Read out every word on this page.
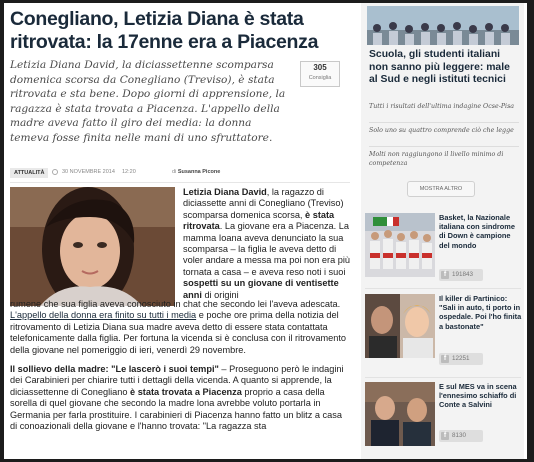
Conegliano, Letizia Diana è stata ritrovata: la 17enne era a Piacenza

Letizia Diana David, la diciassettenne scomparsa domenica scorsa da Conegliano (Treviso), è stata ritrovata e sta bene. Dopo giorni di apprensione, la ragazza è stata trovata a Piacenza. L'appello della madre aveva fatto il giro dei media: la donna temeva fosse finita nelle mani di uno sfruttatore.

305
Consiglia
ATTUALITÀ	30 NOVEMBRE 2014 12:20	di Susanna Picone

Letizia Diana David, la ragazzo di diciassette anni di Conegliano (Treviso) scomparsa domenica scorsa, è stata ritrovata. La giovane era a Piacenza. La mamma Ioana aveva denunciato la sua scomparsa – la figlia le aveva detto di voler andare a messa ma poi non era più tornata a casa – e aveva reso noti i suoi sospetti su un giovane di ventisette anni di origini

rumene che sua figlia aveva conosciuto in chat che secondo lei l'aveva adescata. L'appello della donna era finito su tutti i media e poche ore prima della notizia del ritrovamento di Letizia Diana sua madre aveva detto di essere stata contattata telefonicamente dalla figlia. Per fortuna la vicenda si è conclusa con il ritrovamento della giovane nel pomeriggio di ieri, venerdì 29 novembre.

Il sollievo della madre: "Le lascerò i suoi tempi" – Proseguono però le indagini dei Carabinieri per chiarire tutti i dettagli della vicenda. A quanto si apprende, la diciassettenne di Conegliano è stata trovata a Piacenza proprio a casa della sorella di quel giovane che secondo la madre lona avrebbe voluto portarla in Germania per farla prostituire. I carabinieri di Piacenza hanno fatto un blitz a casa di conoazionali della giovane e l'hanno trovata: "La ragazza sta

Scuola, gli studenti italiani non sanno più leggere: male al Sud e negli istituti tecnici

Tutti i risultati dell'ultima indagine Ocse-Pisa

Solo uno su quattro comprende ciò che legge

Molti non raggiungono il livello minimo di competenza

MOSTRA ALTRO

Basket, la Nazionale italiana con sindrome di Down è campione del mondo

f 191843

Il killer di Partinico: "Sali in auto, ti porto in ospedale. Poi l'ho finita a bastonate"

f 12251

E sul MES va in scena l'ennesimo schiaffo di Conte a Salvini

f 8130
